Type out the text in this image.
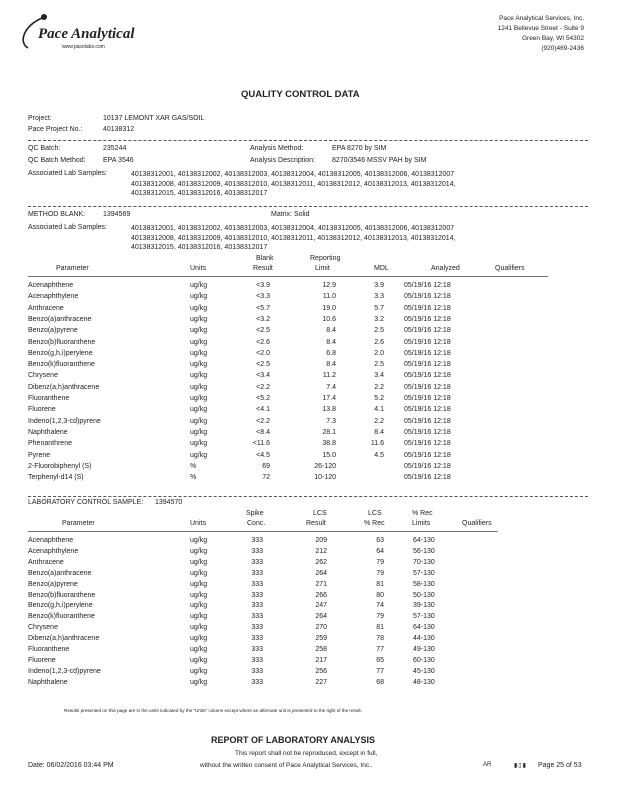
Pace Analytical
www.pacelabs.com
Pace Analytical Services, Inc.
1241 Bellevue Street - Suite 9
Green Bay, WI 54302
(920)469-2436
QUALITY CONTROL DATA
Project:	10137 LEMONT XAR GAS/SOIL
Pace Project No.:	40138312
QC Batch:	235244	Analysis Method:	EPA 8270 by SIM
QC Batch Method: EPA 3546	Analysis Description: 8270/3546 MSSV PAH by SIM
Associated Lab Samples:	40138312001, 40138312002, 40138312003, 40138312004, 40138312005, 40138312006, 40138312007
40138312008, 40138312009, 40138312010, 40138312011, 40138312012, 40138312013, 40138312014,
40138312015, 40138312016, 40138312017
METHOD BLANK:	1394569	Matrix: Solid
Associated Lab Samples:	40138312001, 40138312002, 40138312003, 40138312004, 40138312005, 40138312006, 40138312007
40138312008, 40138312009, 40138312010, 40138312011, 40138312012, 40138312013, 40138312014,
40138312015, 40138312016, 40138312017
Parameter	Units
Blank
Result
Reporting
Limit	MDL	Analyzed	Qualifiers
Acenaphthene	ug/kg	<3.9	12.9	3.9	05/19/16 12:18
Acenaphthylene	ug/kg	<3.3	11.0	3.3	05/19/16 12:18
Anthracene	ug/kg	<5.7	19.0	5.7	05/19/16 12:18
Benzo(a)anthracene	ug/kg	<3.2	10.6	3.2	05/19/16 12:18
Benzo(a)pyrene	ug/kg	<2.5	8.4	2.5	05/19/16 12:18
Benzo(b)fluoranthene	ug/kg	<2.6	8.4	2.6	05/19/16 12:18
Benzo(g,h,i)perylene	ug/kg	<2.0	6.8	2.0	05/19/16 12:18
Benzo(k)fluoranthene	ug/kg	<2.5	8.4	2.5	05/19/16 12:18
Chrysene	ug/kg	<3.4	11.2	3.4	05/19/16 12:18
Dibenz(a,h)anthracene	ug/kg	<2.2	7.4	2.2	05/19/16 12:18
Fluoranthene	ug/kg	<5.2	17.4	5.2	05/19/16 12:18
Fluorene	ug/kg	<4.1	13.8	4.1	05/19/16 12:18
Indeno(1,2,3-cd)pyrene	ug/kg	<2.2	7.3	2.2	05/19/16 12:18
Naphthalene	ug/kg	<8.4	28.1	8.4	05/19/16 12:18
Phenanthrene	ug/kg	<11.6	38.8	11.6	05/19/16 12:18
Pyrene	ug/kg	<4.5	15.0	4.5	05/19/16 12:18
2-Fluorobiphenyl (S)	%	69	26-120	05/19/16 12:18
Terphenyl-d14 (S)	%	72	10-120	05/19/16 12:18
LABORATORY CONTROL SAMPLE: 1394570
Spike
Conc.
LCS
Result
LCS
% Rec
% Rec
Limits
Parameter	Units	Qualifiers
Acenaphthene	ug/kg	333	209	63	64-130
Acenaphthylene	ug/kg	333	212	64	56-130
Anthracene	ug/kg	333	262	79	70-130
Benzo(a)anthracene	ug/kg	333	264	79	57-130
Benzo(a)pyrene	ug/kg	333	271	81	58-130
Benzo(b)fluoranthene	ug/kg	333	266	80	50-130
Benzo(g,h,i)perylene	ug/kg	333	247	74	39-130
Benzo(k)fluoranthene	ug/kg	333	264	79	57-130
Chrysene	ug/kg	333	270	81	64-130
Dibenz(a,h)anthracene	ug/kg	333	259	78	44-130
Fluoranthene	ug/kg	333	258	77	49-130
Fluorene	ug/kg	333	217	65	60-130
Indeno(1,2,3-cd)pyrene	ug/kg	333	256	77	45-130
Naphthalene	ug/kg	333	227	68	48-130
Results presented on this page are in the units indicated by the "Units" column except where an alternate unit is presented to the right of the result.
REPORT OF LABORATORY ANALYSIS
This report shall not be reproduced, except in full,
without the written consent of Pace Analytical Services, Inc..
Date: 06/02/2016 03:44 PM	AR	▮▯▮ Page 25 of 53
